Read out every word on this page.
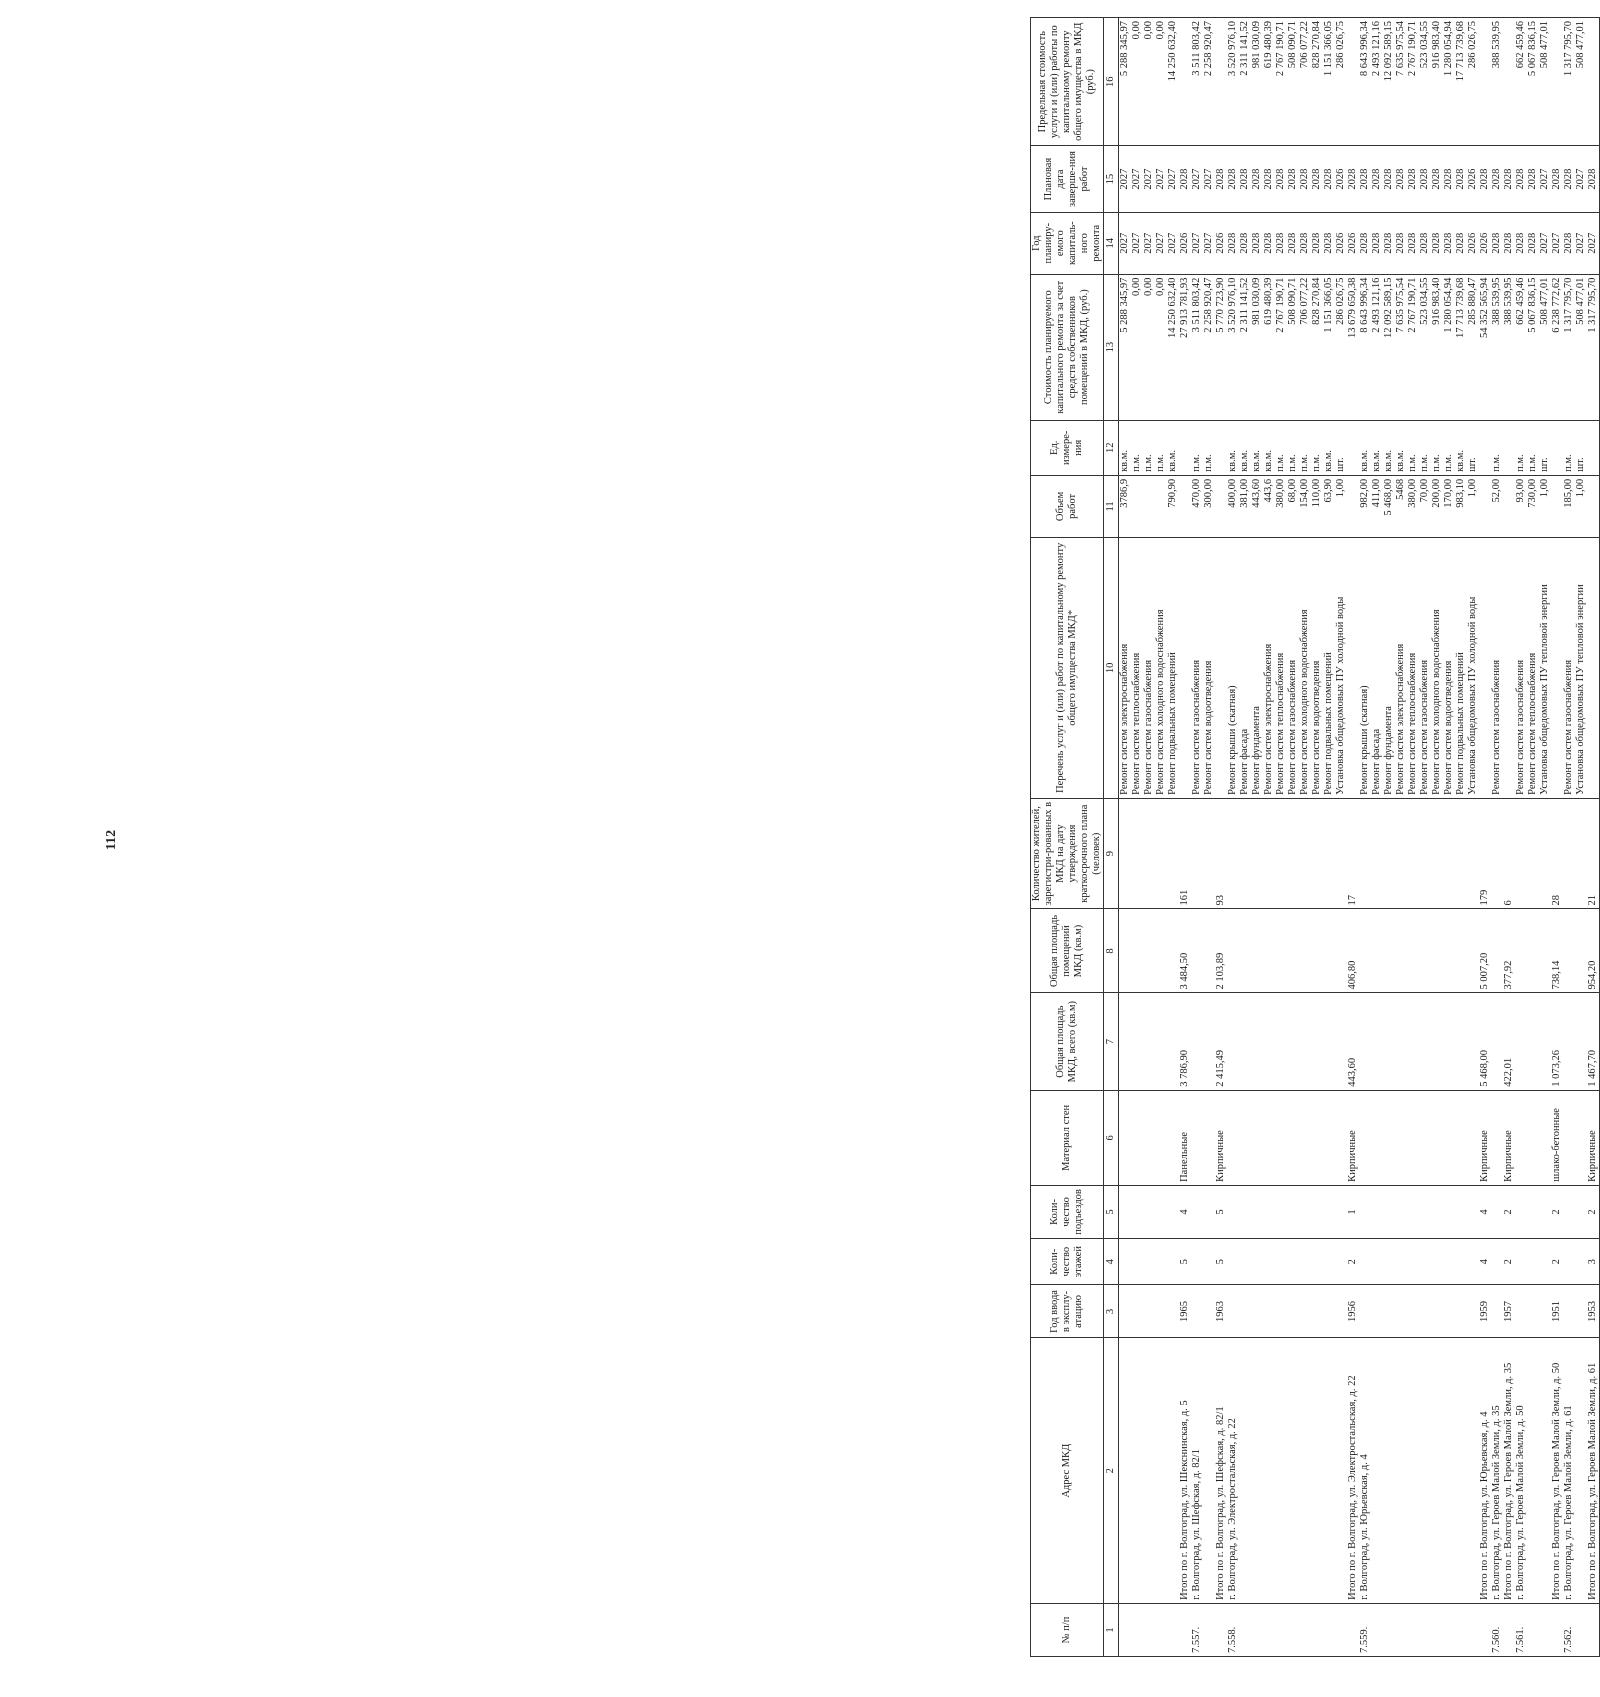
112
№ п/п	Адрес МКД	Год ввода в эксплу-атацию	Коли-чество этажей	Коли-чество подъездов	Материал стен	Общая площадь МКД, всего (кв.м)	Общая площадь помещений МКД (кв.м)	Количество жителей, зарегистри-рованных в МКД на дату утверждения краткосрочного плана (человек)	Перечень услуг и (или) работ по капитальному ремонту общего имущества МКД*	Объем работ	Ед. измере-ния	Стоимость планируемого капитального ремонта за счет средств собственников помещений в МКД, (руб.)	Год планиру-емого капиталь-ного ремонта	Плановая дата заверше-ния работ	Предельная стоимость услуги и (или) работы по капитальному ремонту общего имущества в МКД (руб.)
1	2	3	4	5	6	7	8	9	10	11	12	13	14	15	16
									Ремонт систем электроснабжения	3786,9	кв.м.	5 288 345,97	2027	2027	5 288 345,97
									Ремонт систем теплоснабжения		п.м.	0,00	2027	2027	0,00
									Ремонт систем газоснабжения		п.м.	0,00	2027	2027	0,00
									Ремонт систем холодного водоснабжения		п.м.	0,00	2027	2027	0,00
									Ремонт подвальных помещений	790,90	кв.м.	14 250 632,40	2027	2027	14 250 632,40
	Итого по г. Волгоград, ул. Шекснинская, д. 5	1965	5	4	Панельные	3 786,90	3 484,50	161				27 913 781,93	2026	2028	
7.557.	г. Волгоград, ул. Шефская, д. 82/1								Ремонт систем газоснабжения	470,00	п.м.	3 511 803,42	2027	2027	3 511 803,42
									Ремонт систем водоотведения	300,00	п.м.	2 258 920,47	2027	2027	2 258 920,47
	Итого по г. Волгоград, ул. Шефская, д. 82/1	1963	5	5	Кирпичные	2 415,49	2 103,89	93				5 770 723,90	2026	2028	
7.558.	г. Волгоград, ул. Электростальская, д. 22								Ремонт крыши (скатная)	400,00	кв.м.	3 520 976,10	2028	2028	3 520 976,10
									Ремонт фасада	381,00	кв.м.	2 311 141,52	2028	2028	2 311 141,52
									Ремонт фундамента	443,60	кв.м.	981 030,09	2028	2028	981 030,09
									Ремонт систем электроснабжения	443,6	кв.м.	619 480,39	2028	2028	619 480,39
									Ремонт систем теплоснабжения	380,00	п.м.	2 767 190,71	2028	2028	2 767 190,71
									Ремонт систем газоснабжения	68,00	п.м.	508 090,71	2028	2028	508 090,71
									Ремонт систем холодного водоснабжения	154,00	п.м.	706 077,22	2028	2028	706 077,22
									Ремонт систем водоотведения	110,00	п.м.	828 270,84	2028	2028	828 270,84
									Ремонт подвальных помещений	63,90	кв.м.	1 151 366,05	2028	2028	1 151 366,05
									Установка общедомовых ПУ холодной воды	1,00	шт.	286 026,75	2026	2026	286 026,75
	Итого по г. Волгоград, ул. Электростальская, д. 22	1956	2	1	Кирпичные	443,60	406,80	17				13 679 650,38	2026	2028	
7.559.	г. Волгоград, ул. Юрьевская, д. 4								Ремонт крыши (скатная)	982,00	кв.м.	8 643 996,34	2028	2028	8 643 996,34
									Ремонт фасада	411,00	кв.м.	2 493 121,16	2028	2028	2 493 121,16
									Ремонт фундамента	5 468,00	кв.м.	12 092 589,15	2028	2028	12 092 589,15
									Ремонт систем электроснабжения	5468	кв.м.	7 635 975,54	2028	2028	7 635 975,54
									Ремонт систем теплоснабжения	380,00	п.м.	2 767 190,71	2028	2028	2 767 190,71
									Ремонт систем газоснабжения	70,00	п.м.	523 034,55	2028	2028	523 034,55
									Ремонт систем холодного водоснабжения	200,00	п.м.	916 983,40	2028	2028	916 983,40
									Ремонт систем водоотведения	170,00	п.м.	1 280 054,94	2028	2028	1 280 054,94
									Ремонт подвальных помещений	983,10	кв.м.	17 713 739,68	2028	2028	17 713 739,68
									Установка общедомовых ПУ холодной воды	1,00	шт.	285 880,47	2026	2026	286 026,75
	Итого по г. Волгоград, ул. Юрьевская, д. 4	1959	4	4	Кирпичные	5 468,00	5 007,20	179				54 352 565,94	2026	2028	
7.560.	г. Волгоград, ул. Героев Малой Земли, д. 35								Ремонт систем газоснабжения	52,00	п.м.	388 539,95	2028	2028	388 539,95
	Итого по г. Волгоград, ул. Героев Малой Земли, д. 35	1957	2	2	Кирпичные	422,01	377,92	6				388 539,95	2028	2028	
7.561.	г. Волгоград, ул. Героев Малой Земли, д. 50								Ремонт систем газоснабжения	93,00	п.м.	662 459,46	2028	2028	662 459,46
									Ремонт систем теплоснабжения	730,00	п.м.	5 067 836,15	2028	2028	5 067 836,15
									Установка общедомовых ПУ тепловой энергии	1,00	шт.	508 477,01	2027	2027	508 477,01
	Итого по г. Волгоград, ул. Героев Малой Земли, д. 50	1951	2	2	шлако-бетонные	1 073,26	738,14	28				6 238 772,62	2027	2028	
7.562.	г. Волгоград, ул. Героев Малой Земли, д. 61								Ремонт систем газоснабжения	185,00	п.м.	1 317 795,70	2028	2028	1 317 795,70
									Установка общедомовых ПУ тепловой энергии	1,00	шт.	508 477,01	2027	2027	508 477,01
	Итого по г. Волгоград, ул. Героев Малой Земли, д. 61	1953	3	2	Кирпичные	1 467,70	954,20	21				1 317 795,70	2027	2028	
